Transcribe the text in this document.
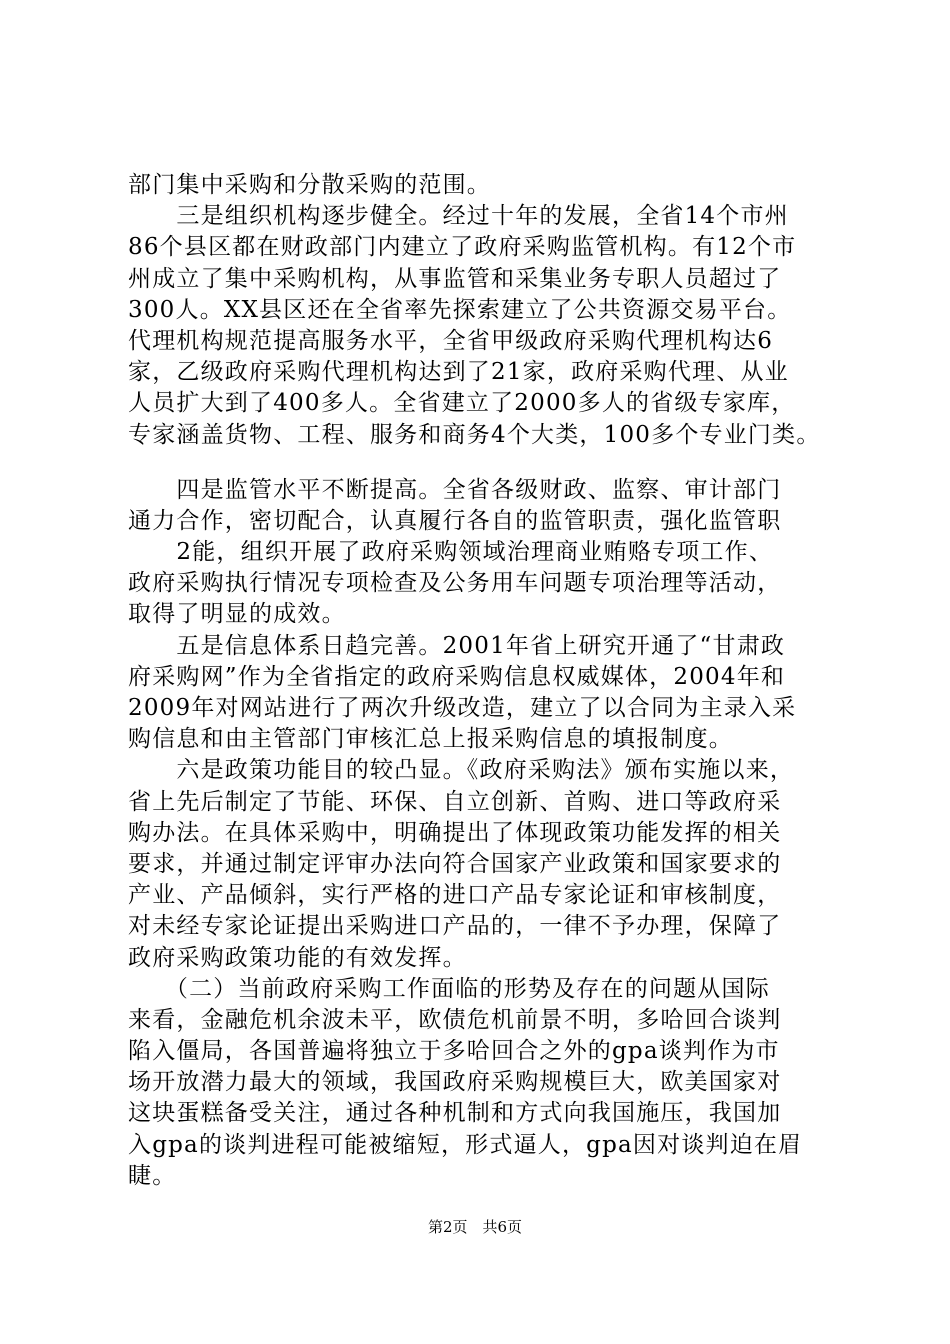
部门集中采购和分散采购的范围。
　　三是组织机构逐步健全。经过十年的发展，全省14个市州
86个县区都在财政部门内建立了政府采购监管机构。有12个市
州成立了集中采购机构，从事监管和采集业务专职人员超过了
300人。XX县区还在全省率先探索建立了公共资源交易平台。
代理机构规范提高服务水平，全省甲级政府采购代理机构达6
家，乙级政府采购代理机构达到了21家，政府采购代理、从业
人员扩大到了400多人。全省建立了2000多人的省级专家库，
专家涵盖货物、工程、服务和商务4个大类，100多个专业门类。
　　四是监管水平不断提高。全省各级财政、监察、审计部门
通力合作，密切配合，认真履行各自的监管职责，强化监管职
　　2能，组织开展了政府采购领域治理商业贿赂专项工作、
政府采购执行情况专项检查及公务用车问题专项治理等活动，
取得了明显的成效。
　　五是信息体系日趋完善。2001年省上研究开通了“甘肃政
府采购网”作为全省指定的政府采购信息权威媒体，2004年和
2009年对网站进行了两次升级改造，建立了以合同为主录入采
购信息和由主管部门审核汇总上报采购信息的填报制度。
　　六是政策功能目的较凸显。《政府采购法》颁布实施以来，
省上先后制定了节能、环保、自立创新、首购、进口等政府采
购办法。在具体采购中，明确提出了体现政策功能发挥的相关
要求，并通过制定评审办法向符合国家产业政策和国家要求的
产业、产品倾斜，实行严格的进口产品专家论证和审核制度，
对未经专家论证提出采购进口产品的，一律不予办理，保障了
政府采购政策功能的有效发挥。
　　（二）当前政府采购工作面临的形势及存在的问题从国际
来看，金融危机余波未平，欧债危机前景不明，多哈回合谈判
陷入僵局，各国普遍将独立于多哈回合之外的gpa谈判作为市
场开放潜力最大的领域，我国政府采购规模巨大，欧美国家对
这块蛋糕备受关注，通过各种机制和方式向我国施压，我国加
入gpa的谈判进程可能被缩短，形式逼人，gpa因对谈判迫在眉
睫。
第2页　共6页
